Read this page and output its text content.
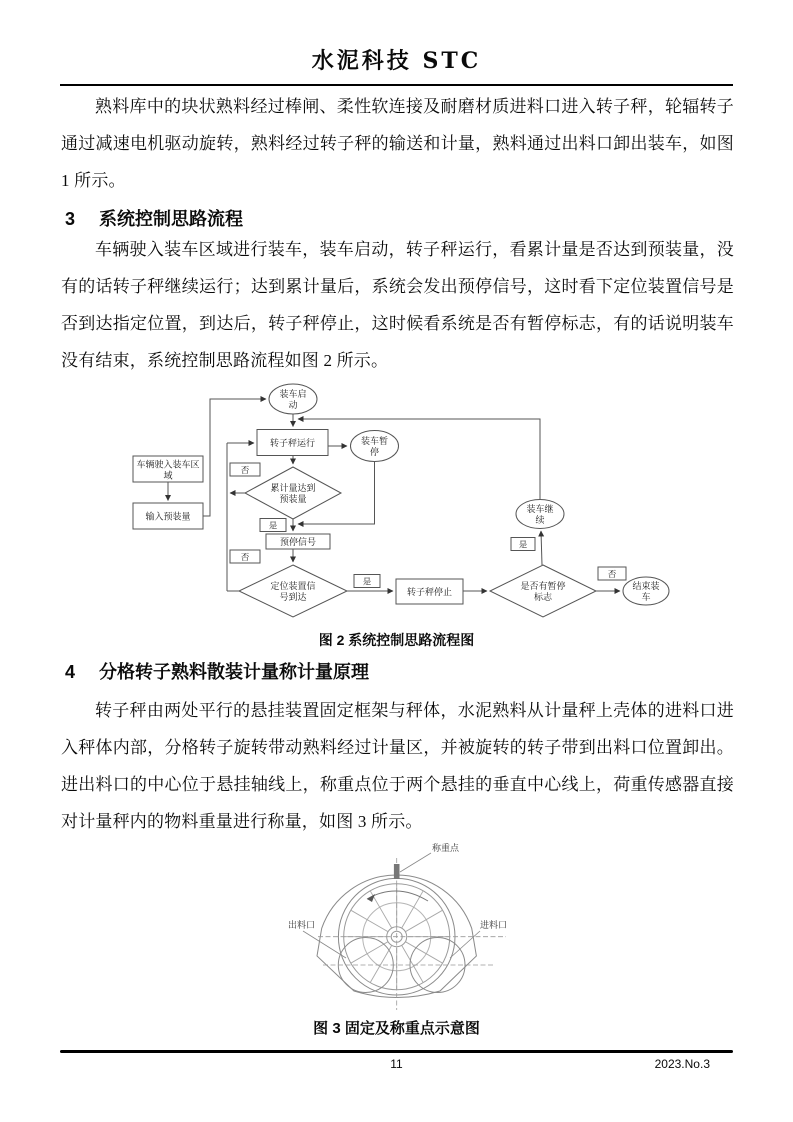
水泥科技 STC
熟料库中的块状熟料经过棒闸、柔性软连接及耐磨材质进料口进入转子秤，轮辐转子通过减速电机驱动旋转，熟料经过转子秤的输送和计量，熟料通过出料口卸出装车，如图 1 所示。
3 系统控制思路流程
车辆驶入装车区域进行装车，装车启动，转子秤运行，看累计量是否达到预装量，没有的话转子秤继续运行；达到累计量后，系统会发出预停信号，这时看下定位装置信号是否到达指定位置，到达后，转子秤停止，这时候看系统是否有暂停标志，有的话说明装车没有结束，系统控制思路流程如图 2 所示。
装车启
动
转子秤运行	装车暂
停
车辆驶入装车区
域
输入预装量
累计量达到
预装量
预停信号
定位装置信
号到达	转子秤停止
是否有暂停
标志
装车继
续
结束装
车
否
是
否
是
是
否
图 2 系统控制思路流程图
4 分格转子熟料散装计量称计量原理
转子秤由两处平行的悬挂装置固定框架与秤体，水泥熟料从计量秤上壳体的进料口进入秤体内部，分格转子旋转带动熟料经过计量区，并被旋转的转子带到出料口位置卸出。进出料口的中心位于悬挂轴线上，称重点位于两个悬挂的垂直中心线上，荷重传感器直接对计量秤内的物料重量进行称量，如图 3 所示。
称重点
出料口	进料口
图 3 固定及称重点示意图
11	2023.No.3
